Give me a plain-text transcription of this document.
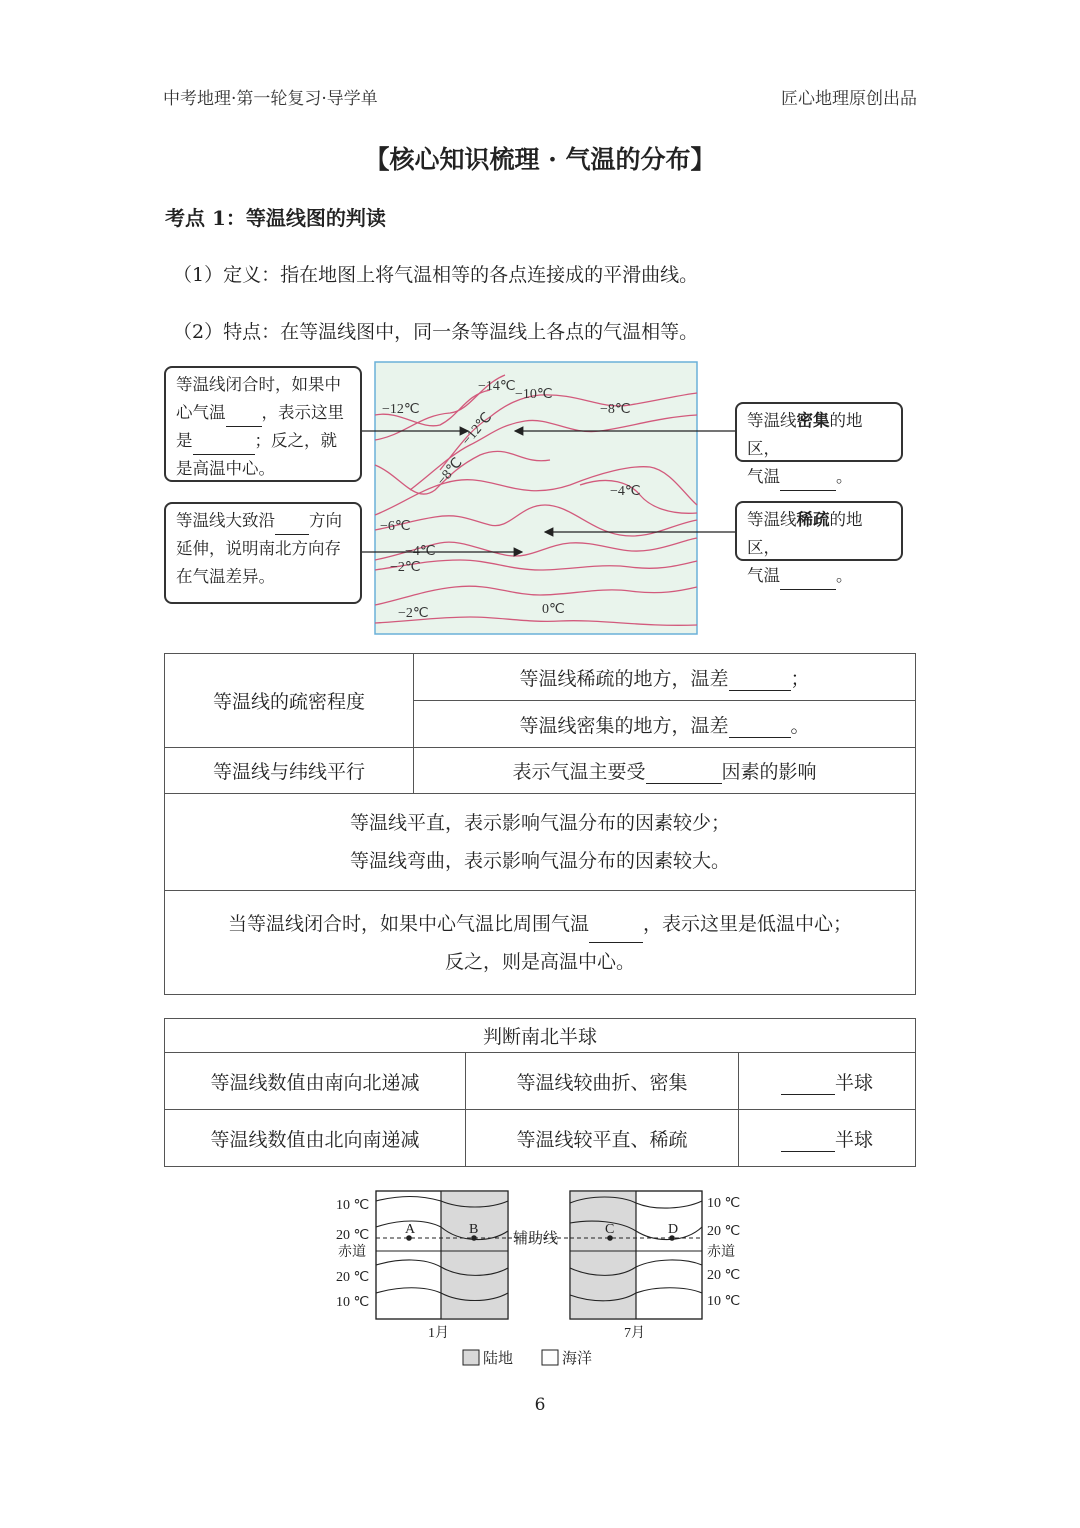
中考地理·第一轮复习·导学单	匠心地理原创出品
【核心知识梳理 · 气温的分布】
考点 1：等温线图的判读
（1）定义：指在地图上将气温相等的各点连接成的平滑曲线。
（2）特点：在等温线图中，同一条等温线上各点的气温相等。
−14℃
−10℃
−12℃	−8℃
−12℃
−8℃
−4℃
−6℃
−4℃
−2℃
0℃
−2℃
等温线闭合时，如果中
心气温 ，表示这里
是	；反之，就
是高温中心。
等温线大致沿 方向
延伸，说明南北方向存
在气温差异。
等温线密集的地区，
气温	。
等温线稀疏的地区，
气温	。
等温线的疏密程度	等温线稀疏的地方，温差 ；
	等温线密集的地方，温差 。
等温线与纬线平行	表示气温主要受 因素的影响

等温线平直，表示影响气温分布的因素较少；
等温线弯曲，表示影响气温分布的因素较大。	

当等温线闭合时，如果中心气温比周围气温 ，表示这里是低温中心；
反之，则是高温中心。	
判断南北半球		
等温线数值由南向北递减	等温线较曲折、密集	半球
等温线数值由北向南递减	等温线较平直、稀疏	半球
10 ℃
20 ℃
赤道
20 ℃
10 ℃
10 ℃
20 ℃
赤道
20 ℃
10 ℃
A	B	C	D
辅助线
1月	7月
陆地	海洋
6
